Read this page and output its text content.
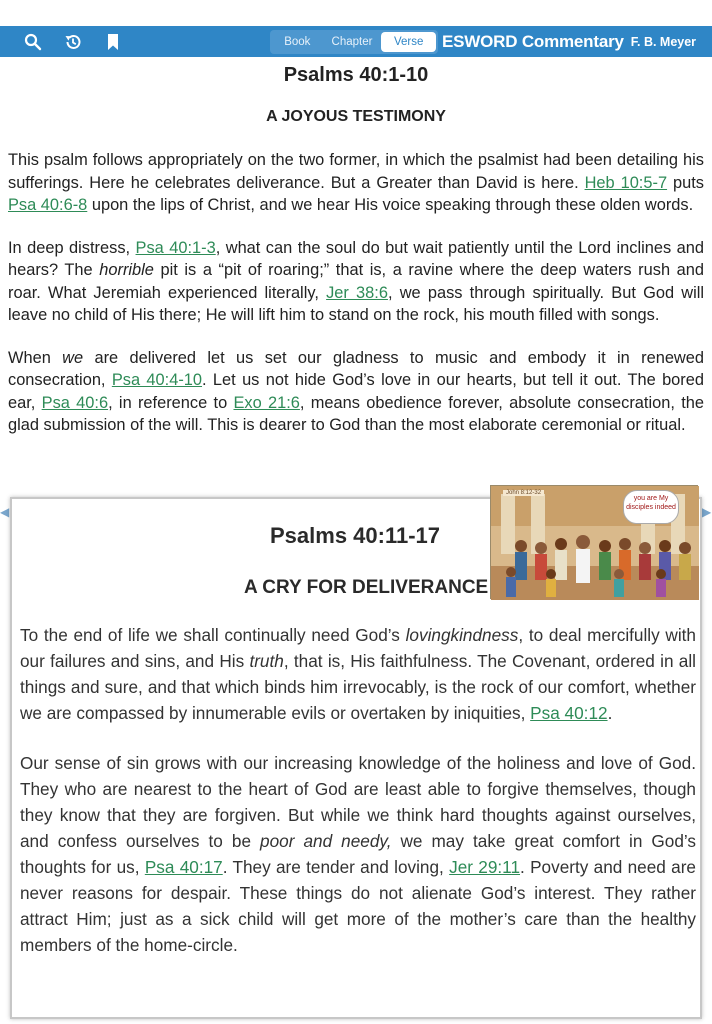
Book	Chapter	Verse	ESWORD Commentary F. B. Meyer
Psalms 40:1-10
A JOYOUS TESTIMONY

This psalm follows appropriately on the two former, in which the psalmist had been detailing his sufferings. Here he celebrates deliverance. But a Greater than David is here. Heb 10:5-7 puts Psa 40:6-8 upon the lips of Christ, and we hear His voice speaking through these olden words.

In deep distress, Psa 40:1-3, what can the soul do but wait patiently until the Lord inclines and hears? The horrible pit is a “pit of roaring;” that is, a ravine where the deep waters rush and roar. What Jeremiah experienced literally, Jer 38:6, we pass through spiritually. But God will leave no child of His there; He will lift him to stand on the rock, his mouth filled with songs.

When we are delivered let us set our gladness to music and embody it in renewed consecration, Psa 40:4-10. Let us not hide God’s love in our hearts, but tell it out. The bored ear, Psa 40:6, in reference to Exo 21:6, means obedience forever, absolute consecration, the glad submission of the will. This is dearer to God than the most elaborate ceremonial or ritual.

◀	▶
Psalms 40:11-17
A CRY FOR DELIVERANCE
John 8:12-32
you are My disciples indeed

To the end of life we shall continually need God’s lovingkindness, to deal mercifully with our failures and sins, and His truth, that is, His faithfulness. The Covenant, ordered in all things and sure, and that which binds him irrevocably, is the rock of our comfort, whether we are compassed by innumerable evils or overtaken by iniquities, Psa 40:12.

Our sense of sin grows with our increasing knowledge of the holiness and love of God. They who are nearest to the heart of God are least able to forgive themselves, though they know that they are forgiven. But while we think hard thoughts against ourselves, and confess ourselves to be poor and needy, we may take great comfort in God’s thoughts for us, Psa 40:17. They are tender and loving, Jer 29:11. Poverty and need are never reasons for despair. These things do not alienate God’s interest. They rather attract Him; just as a sick child will get more of the mother’s care than the healthy members of the home-circle.
